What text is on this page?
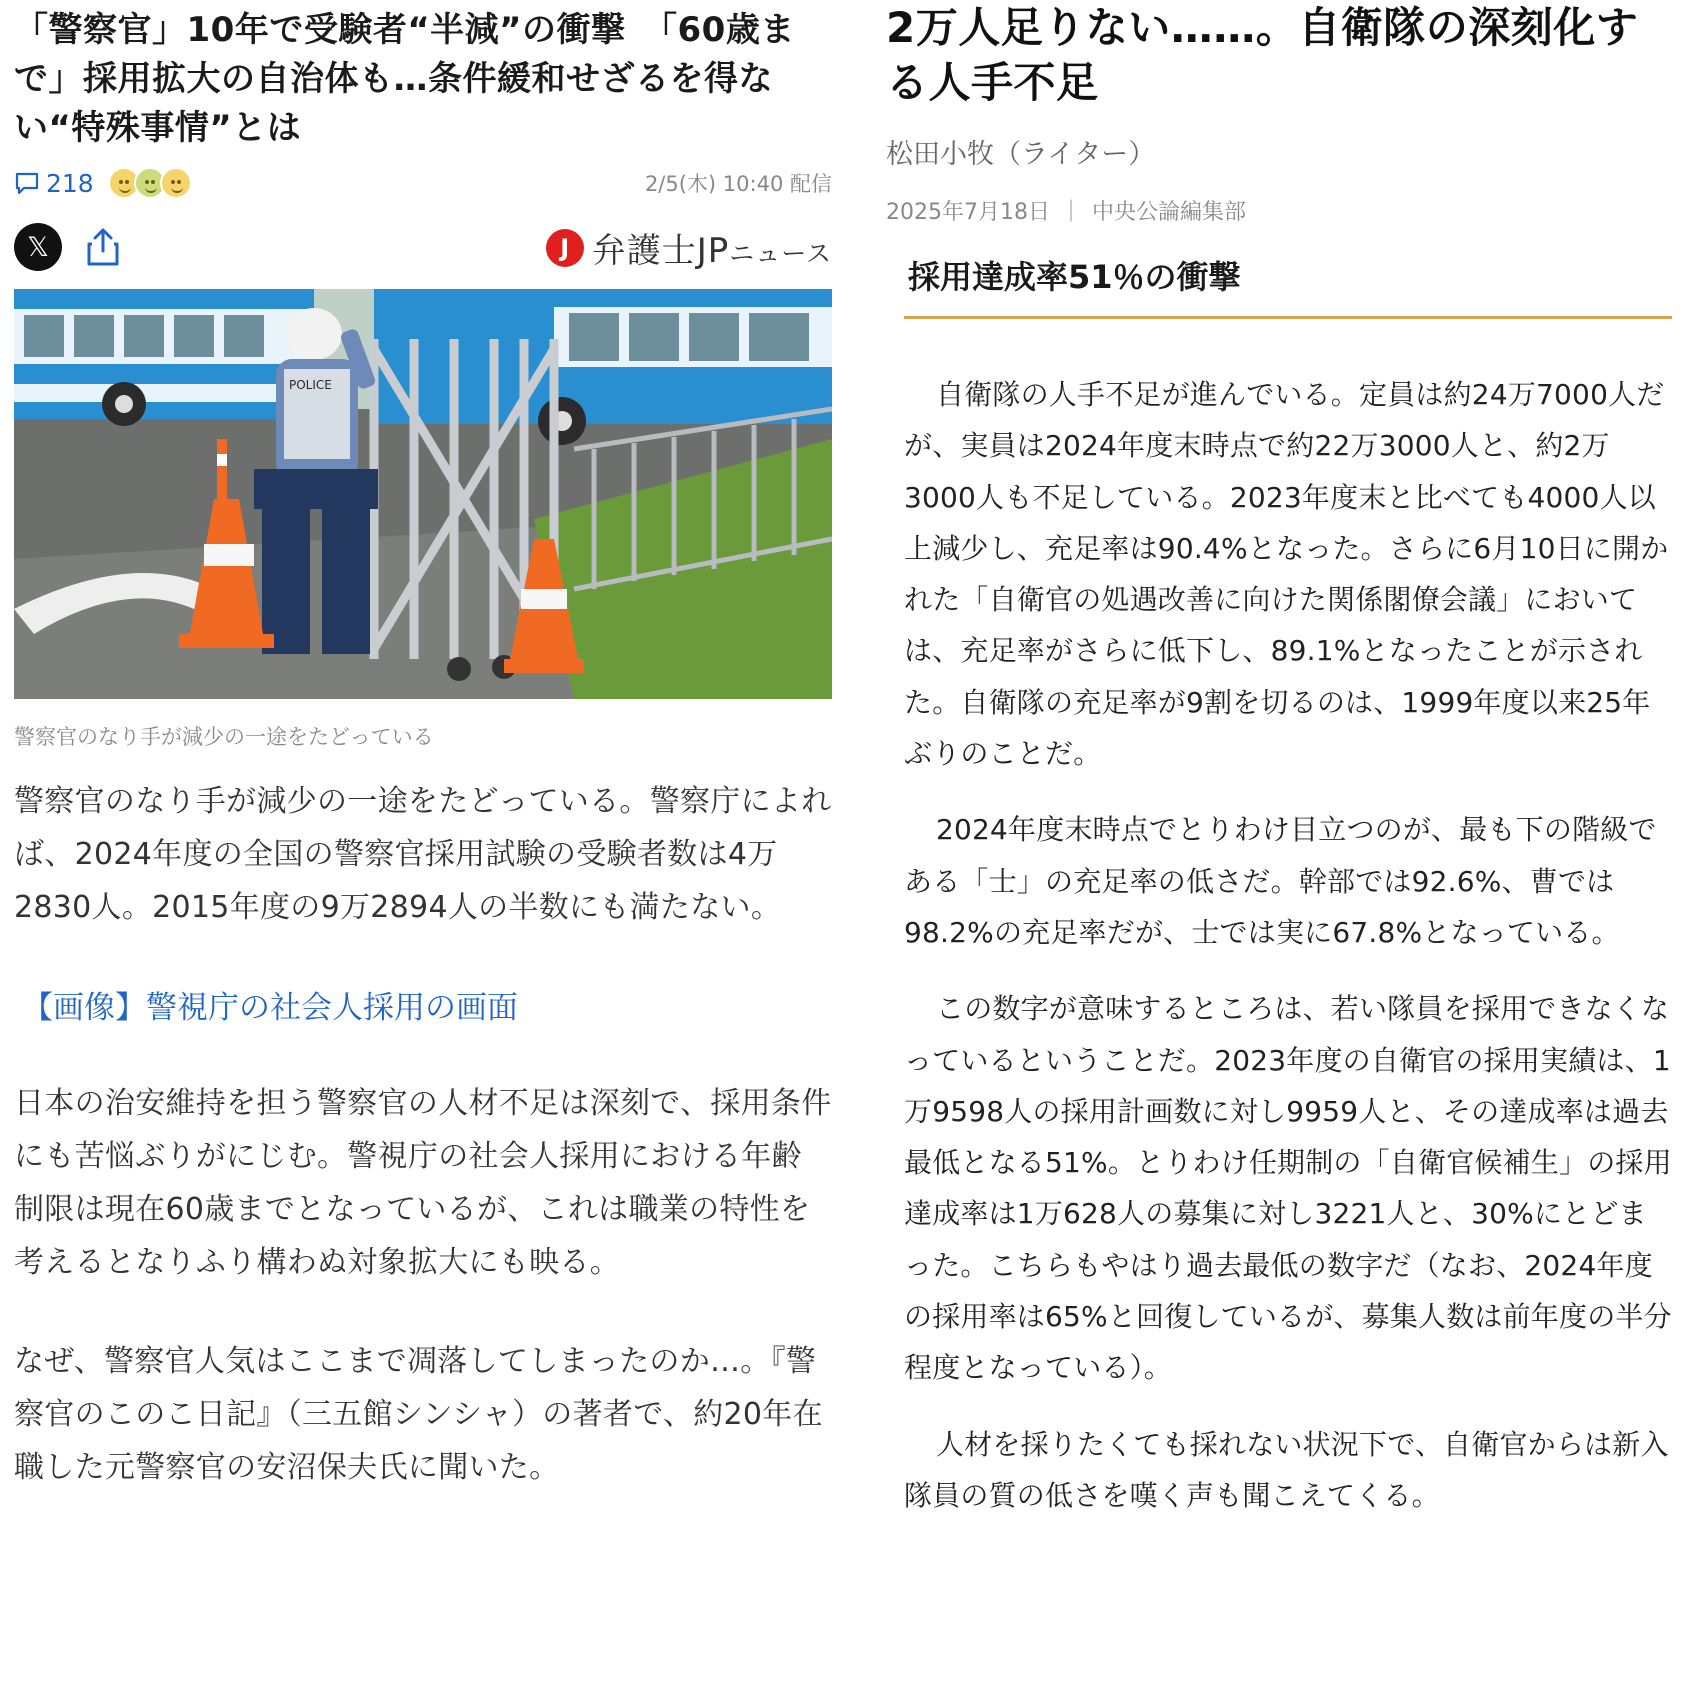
「警察官」10年で受験者“半減”の衝撃　「60歳まで」採用拡大の自治体も…条件緩和せざるを得ない“特殊事情”とは
218	2/5(木) 10:40 配信
𝕏	J 弁護士JPニュース
POLICE

警察官のなり手が減少の一途をたどっている

警察官のなり手が減少の一途をたどっている。警察庁によれば、2024年度の全国の警察官採用試験の受験者数は4万2830人。2015年度の9万2894人の半数にも満たない。

【画像】警視庁の社会人採用の画面

日本の治安維持を担う警察官の人材不足は深刻で、採用条件にも苦悩ぶりがにじむ。警視庁の社会人採用における年齢制限は現在60歳までとなっているが、これは職業の特性を考えるとなりふり構わぬ対象拡大にも映る。

なぜ、警察官人気はここまで凋落してしまったのか…。『警察官のこのこ日記』（三五館シンシャ）の著者で、約20年在職した元警察官の安沼保夫氏に聞いた。

2万人足りない……。自衛隊の深刻化する人手不足

松田小牧（ライター）

2025年7月18日 ｜ 中央公論編集部

採用達成率51％の衝撃

自衛隊の人手不足が進んでいる。定員は約24万7000人だが、実員は2024年度末時点で約22万3000人と、約2万3000人も不足している。2023年度末と比べても4000人以上減少し、充足率は90.4%となった。さらに6月10日に開かれた「自衛官の処遇改善に向けた関係閣僚会議」においては、充足率がさらに低下し、89.1%となったことが示された。自衛隊の充足率が9割を切るのは、1999年度以来25年ぶりのことだ。

2024年度末時点でとりわけ目立つのが、最も下の階級である「士」の充足率の低さだ。幹部では92.6%、曹では98.2%の充足率だが、士では実に67.8%となっている。

この数字が意味するところは、若い隊員を採用できなくなっているということだ。2023年度の自衛官の採用実績は、1万9598人の採用計画数に対し9959人と、その達成率は過去最低となる51%。とりわけ任期制の「自衛官候補生」の採用達成率は1万628人の募集に対し3221人と、30%にとどまった。こちらもやはり過去最低の数字だ（なお、2024年度の採用率は65%と回復しているが、募集人数は前年度の半分程度となっている）。

人材を採りたくても採れない状況下で、自衛官からは新入隊員の質の低さを嘆く声も聞こえてくる。
